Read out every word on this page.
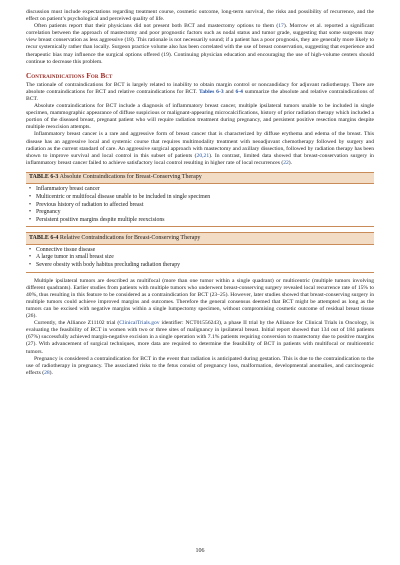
discussion must include expectations regarding treatment course, cosmetic outcome, long-term survival, the risks and possibility of recurrence, and the effect on patient’s psychological and perceived quality of life.

Often patients report that their physicians did not present both BCT and mastectomy options to them (17). Morrow et al. reported a significant correlation between the approach of mastectomy and poor prognostic factors such as nodal status and tumor grade, suggesting that some surgeons may view breast conservation as less aggressive (18). This rationale is not necessarily sound; if a patient has a poor prognosis, they are generally more likely to recur systemically rather than locally. Surgeon practice volume also has been correlated with the use of breast conservation, suggesting that experience and therapeutic bias may influence the surgical options offered (19). Continuing physician education and encouraging the use of high-volume centers should continue to decrease this problem.

Contraindications For Bct

The rationale of contraindications for BCT is largely related to inability to obtain margin control or noncandidacy for adjuvant radiotherapy. There are absolute contraindications for BCT and relative contraindications for BCT. Tables 6-3 and 6-4 summarize the absolute and relative contraindications of BCT.

Absolute contraindications for BCT include a diagnosis of inflammatory breast cancer, multiple ipsilateral tumors unable to be included in single specimen, mammographic appearance of diffuse suspicious or malignant-appearing microcalcifications, history of prior radiation therapy which included a portion of the diseased breast, pregnant patient who will require radiation treatment during pregnancy, and persistent positive resection margins despite multiple reexcision attempts.

Inflammatory breast cancer is a rare and aggressive form of breast cancer that is characterized by diffuse erythema and edema of the breast. This disease has an aggressive local and systemic course that requires multimodality treatment with neoadjuvant chemotherapy followed by surgery and radiation as the current standard of care. An aggressive surgical approach with mastectomy and axillary dissection, followed by radiation therapy has been shown to improve survival and local control in this subset of patients (20,21). In contrast, limited data showed that breast-conservation surgery in inflammatory breast cancer failed to achieve satisfactory local control resulting in higher rate of local recurrences (22).

TABLE 6-3 Absolute Contraindications for Breast-Conserving Therapy
• Inflammatory breast cancer
• Multicentric or multifocal disease unable to be included in single specimen
• Previous history of radiation to affected breast
• Pregnancy
• Persistent positive margins despite multiple reexcisions
TABLE 6-4 Relative Contraindications for Breast-Conserving Therapy
• Connective tissue disease
• A large tumor in small breast size
• Severe obesity with body habitus precluding radiation therapy

Multiple ipsilateral tumors are described as multifocal (more than one tumor within a single quadrant) or multicentric (multiple tumors involving different quadrants). Earlier studies from patients with multiple tumors who underwent breast-conserving surgery revealed local recurrence rate of 15% to 40%, thus resulting in this feature to be considered as a contraindication for BCT (23–25). However, later studies showed that breast-conserving surgery in multiple tumors could achieve improved margins and outcomes. Therefore the general consensus deemed that BCT might be attempted as long as the tumors can be excised with negative margins within a single lumpectomy specimen, without compromising cosmetic outcome of residual breast tissue (26).

Currently, the Alliance Z11102 trial (ClinicalTrials.gov identifier: NCT01556243), a phase II trial by the Alliance for Clinical Trials in Oncology, is evaluating the feasibility of BCT in women with two or three sites of malignancy in ipsilateral breast. Initial report showed that 134 out of 184 patients (67%) successfully achieved margin-negative excision in a single operation with 7.1% patients requiring conversion to mastectomy due to positive margins (27). With advancement of surgical techniques, more data are required to determine the feasibility of BCT in patients with multifocal or multicentric tumors.

Pregnancy is considered a contraindication for BCT in the event that radiation is anticipated during gestation. This is due to the contraindication to the use of radiotherapy in pregnancy. The associated risks to the fetus consist of pregnancy loss, malformation, developmental anomalies, and carcinogenic effects (28).

106
